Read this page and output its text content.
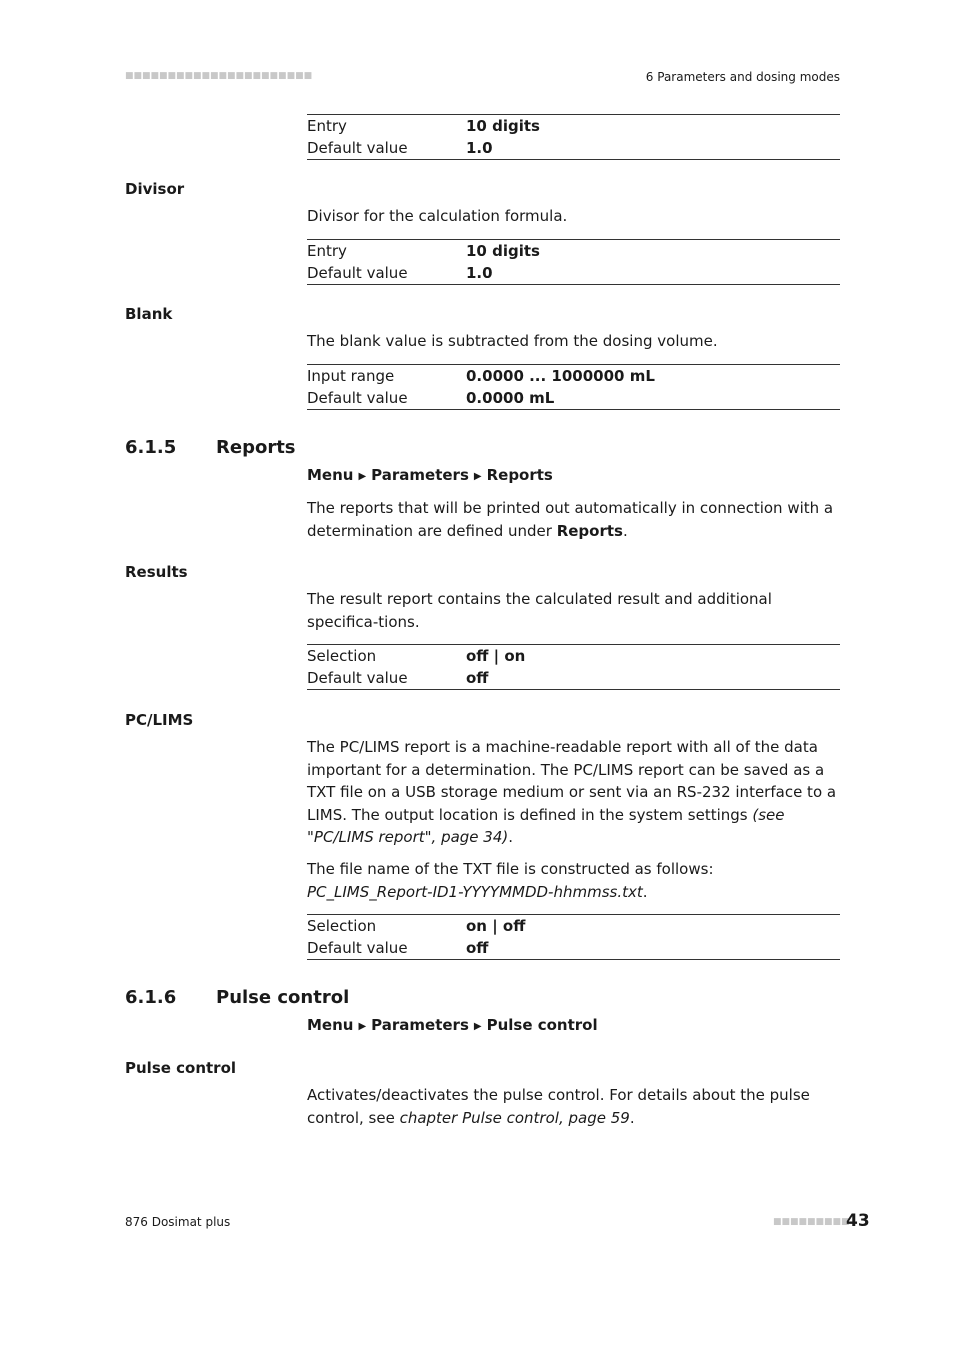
■■■■■■■■■■■■■■■■■■■■■■	6 Parameters and dosing modes
Entry	10 digits
Default value	1.0
Divisor
Divisor for the calculation formula.
Entry	10 digits
Default value	1.0
Blank
The blank value is subtracted from the dosing volume.
Input range	0.0000 ... 1000000 mL
Default value	0.0000 mL
6.1.5 Reports
Menu ▶ Parameters ▶ Reports
The reports that will be printed out automatically in connection with a determination are defined under Reports.
Results
The result report contains the calculated result and additional specifica-tions.
Selection	off | on
Default value	off
PC/LIMS
The PC/LIMS report is a machine-readable report with all of the data important for a determination. The PC/LIMS report can be saved as a TXT file on a USB storage medium or sent via an RS-232 interface to a LIMS. The output location is defined in the system settings (see "PC/LIMS report", page 34).
The file name of the TXT file is constructed as follows: PC_LIMS_Report-ID1-YYYYMMDD-hhmmss.txt.
Selection	on | off
Default value	off
6.1.6 Pulse control
Menu ▶ Parameters ▶ Pulse control
Pulse control
Activates/deactivates the pulse control. For details about the pulse control, see chapter Pulse control, page 59.
876 Dosimat plus	■■■■■■■■■
43
